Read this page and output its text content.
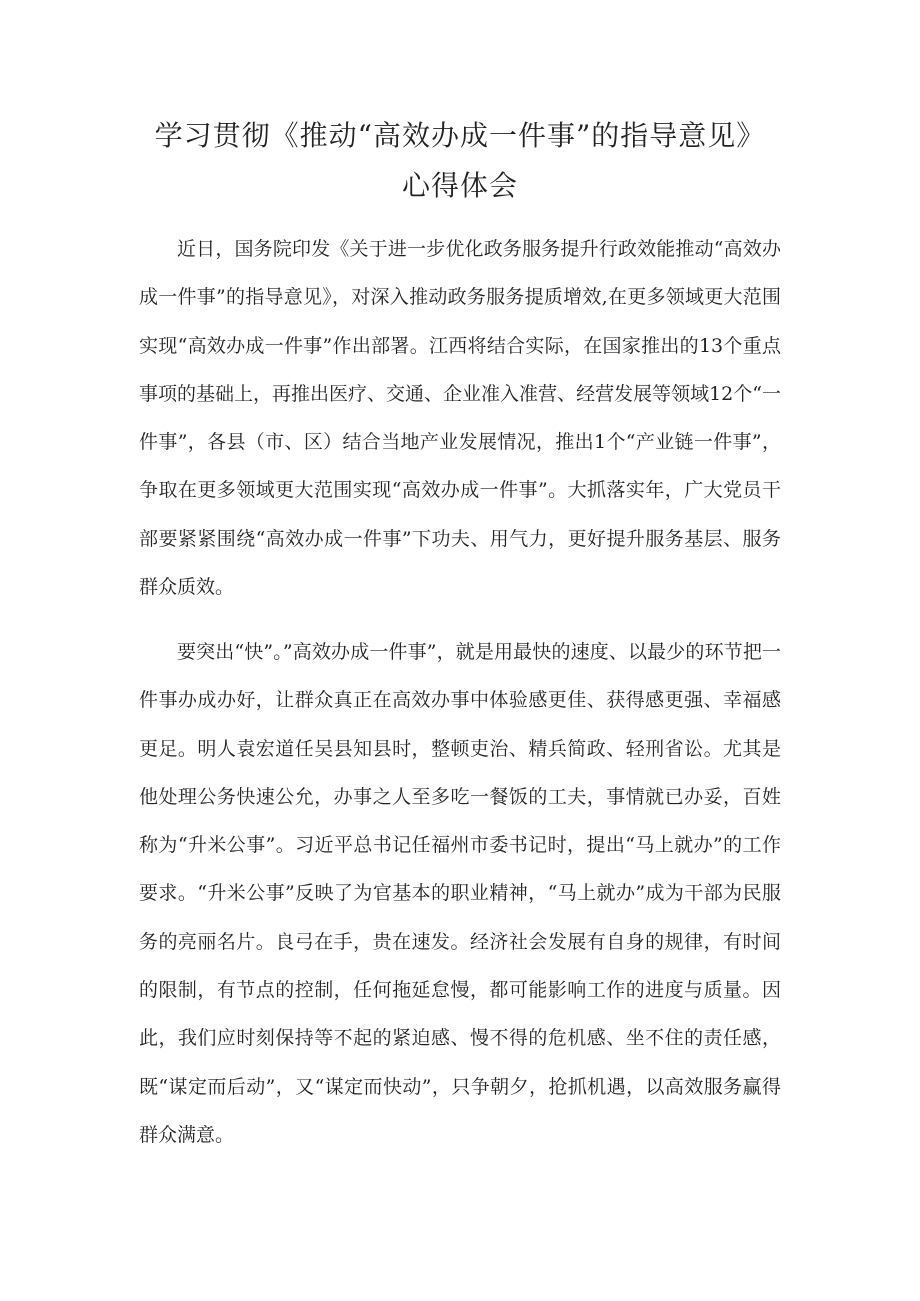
学习贯彻《推动“高效办成一件事”的指导意见》
心得体会

近日，国务院印发《关于进一步优化政务服务提升行政效能推动“高效办成一件事”的指导意见》，对深入推动政务服务提质增效,在更多领域更大范围实现“高效办成一件事”作出部署。江西将结合实际，在国家推出的13个重点事项的基础上，再推出医疗、交通、企业准入准营、经营发展等领域12个“一件事”，各县（市、区）结合当地产业发展情况，推出1个“产业链一件事”，争取在更多领域更大范围实现“高效办成一件事”。大抓落实年，广大党员干部要紧紧围绕“高效办成一件事”下功夫、用气力，更好提升服务基层、服务群众质效。

要突出“快”。”高效办成一件事”，就是用最快的速度、以最少的环节把一件事办成办好，让群众真正在高效办事中体验感更佳、获得感更强、幸福感更足。明人袁宏道任吴县知县时，整顿吏治、精兵简政、轻刑省讼。尤其是他处理公务快速公允，办事之人至多吃一餐饭的工夫，事情就已办妥，百姓称为“升米公事”。习近平总书记任福州市委书记时，提出“马上就办”的工作要求。“升米公事”反映了为官基本的职业精神，“马上就办”成为干部为民服务的亮丽名片。良弓在手，贵在速发。经济社会发展有自身的规律，有时间的限制，有节点的控制，任何拖延怠慢，都可能影响工作的进度与质量。因此，我们应时刻保持等不起的紧迫感、慢不得的危机感、坐不住的责任感，既“谋定而后动”，又“谋定而快动”，只争朝夕，抢抓机遇，以高效服务赢得群众满意。
